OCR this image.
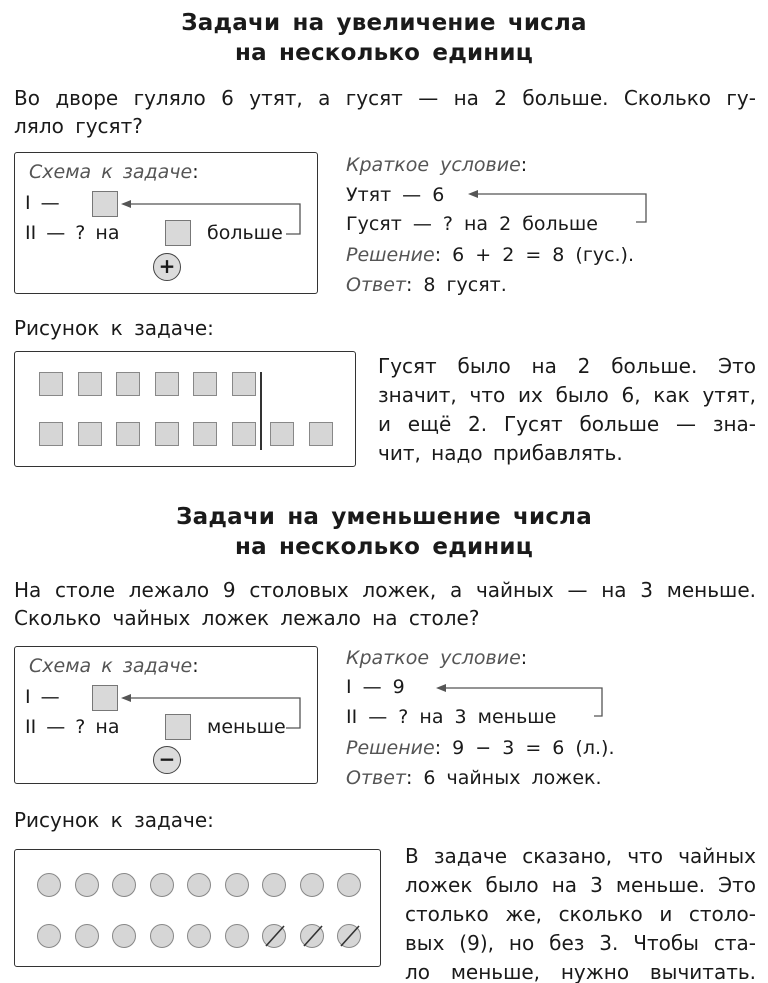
Задачи на увеличение числа
на несколько единиц
Во дворе гуляло 6 утят, а гусят — на 2 больше. Сколько гу-
ляло гусят?
Схема к задаче:
I —
II — ? на	больше
+
Краткое условие:
Утят — 6
Гусят — ? на 2 больше
Решение: 6 + 2 = 8 (гус.).
Ответ: 8 гусят.
Рисунок к задаче:
Гусят было на 2 больше. Это
значит, что их было 6, как утят,
и ещё 2. Гусят больше — зна-
чит, надо прибавлять.
Задачи на уменьшение числа
на несколько единиц
На столе лежало 9 столовых ложек, а чайных — на 3 меньше.
Сколько чайных ложек лежало на столе?
Схема к задаче:
I —
II — ? на	меньше
−
Краткое условие:
I — 9
II — ? на 3 меньше
Решение: 9 − 3 = 6 (л.).
Ответ: 6 чайных ложек.
Рисунок к задаче:
В задаче сказано, что чайных
ложек было на 3 меньше. Это
столько же, сколько и столо-
вых (9), но без 3. Чтобы ста-
ло меньше, нужно вычитать.
